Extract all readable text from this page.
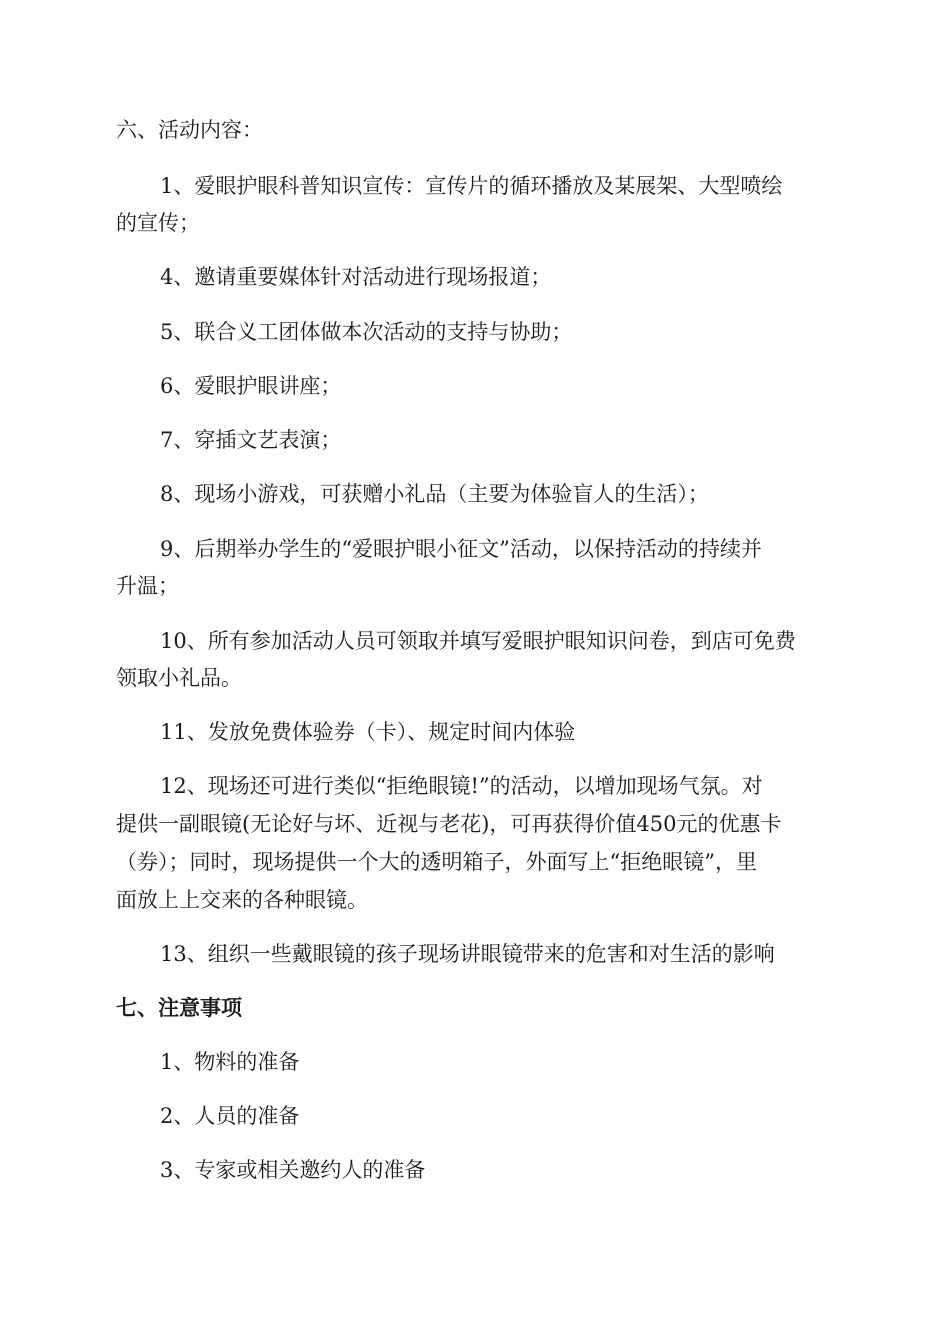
六、活动内容：

1、爱眼护眼科普知识宣传：宣传片的循环播放及某展架、大型喷绘

的宣传；

4、邀请重要媒体针对活动进行现场报道；

5、联合义工团体做本次活动的支持与协助；

6、爱眼护眼讲座；

7、穿插文艺表演；

8、现场小游戏，可获赠小礼品（主要为体验盲人的生活）；

9、后期举办学生的“爱眼护眼小征文”活动，以保持活动的持续并

升温；

10、所有参加活动人员可领取并填写爱眼护眼知识问卷，到店可免费

领取小礼品。

11、发放免费体验券（卡）、规定时间内体验

12、现场还可进行类似“拒绝眼镜!”的活动，以增加现场气氛。对

提供一副眼镜(无论好与坏、近视与老花)，可再获得价值450元的优惠卡

（券）；同时，现场提供一个大的透明箱子，外面写上“拒绝眼镜”，里

面放上上交来的各种眼镜。

13、组织一些戴眼镜的孩子现场讲眼镜带来的危害和对生活的影响

七、注意事项

1、物料的准备

2、人员的准备

3、专家或相关邀约人的准备
